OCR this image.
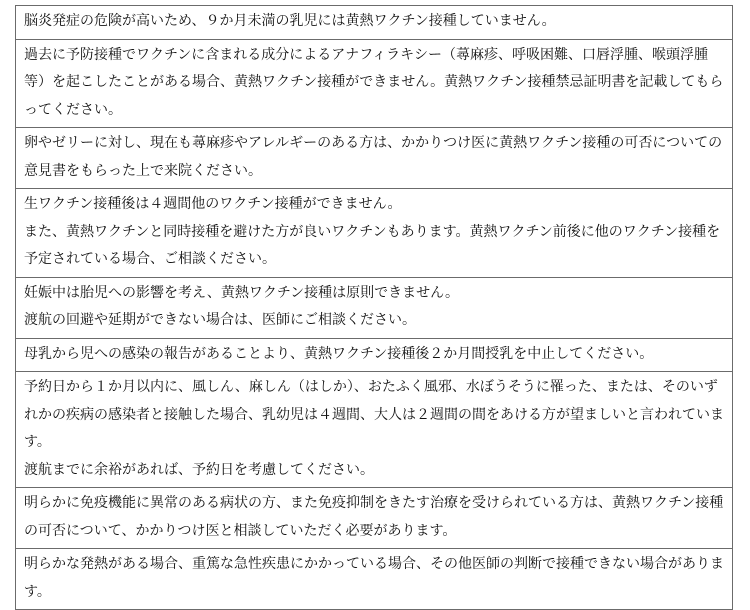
脳炎発症の危険が高いため、９か月未満の乳児には黄熱ワクチン接種していません。

過去に予防接種でワクチンに含まれる成分によるアナフィラキシー（蕁麻疹、呼吸困難、口唇浮腫、喉頭浮腫等）を起こしたことがある場合、黄熱ワクチン接種ができません。黄熱ワクチン接種禁忌証明書を記載してもらってください。

卵やゼリーに対し、現在も蕁麻疹やアレルギーのある方は、かかりつけ医に黄熱ワクチン接種の可否についての意見書をもらった上で来院ください。

生ワクチン接種後は４週間他のワクチン接種ができません。

また、黄熱ワクチンと同時接種を避けた方が良いワクチンもあります。黄熱ワクチン前後に他のワクチン接種を予定されている場合、ご相談ください。

妊娠中は胎児への影響を考え、黄熱ワクチン接種は原則できません。

渡航の回避や延期ができない場合は、医師にご相談ください。

母乳から児への感染の報告があることより、黄熱ワクチン接種後２か月間授乳を中止してください。

予約日から１か月以内に、風しん、麻しん（はしか）、おたふく風邪、水ぼうそうに罹った、または、そのいずれかの疾病の感染者と接触した場合、乳幼児は４週間、大人は２週間の間をあける方が望ましいと言われています。

渡航までに余裕があれば、予約日を考慮してください。

明らかに免疫機能に異常のある病状の方、また免疫抑制をきたす治療を受けられている方は、黄熱ワクチン接種の可否について、かかりつけ医と相談していただく必要があります。

明らかな発熱がある場合、重篤な急性疾患にかかっている場合、その他医師の判断で接種できない場合があります。
